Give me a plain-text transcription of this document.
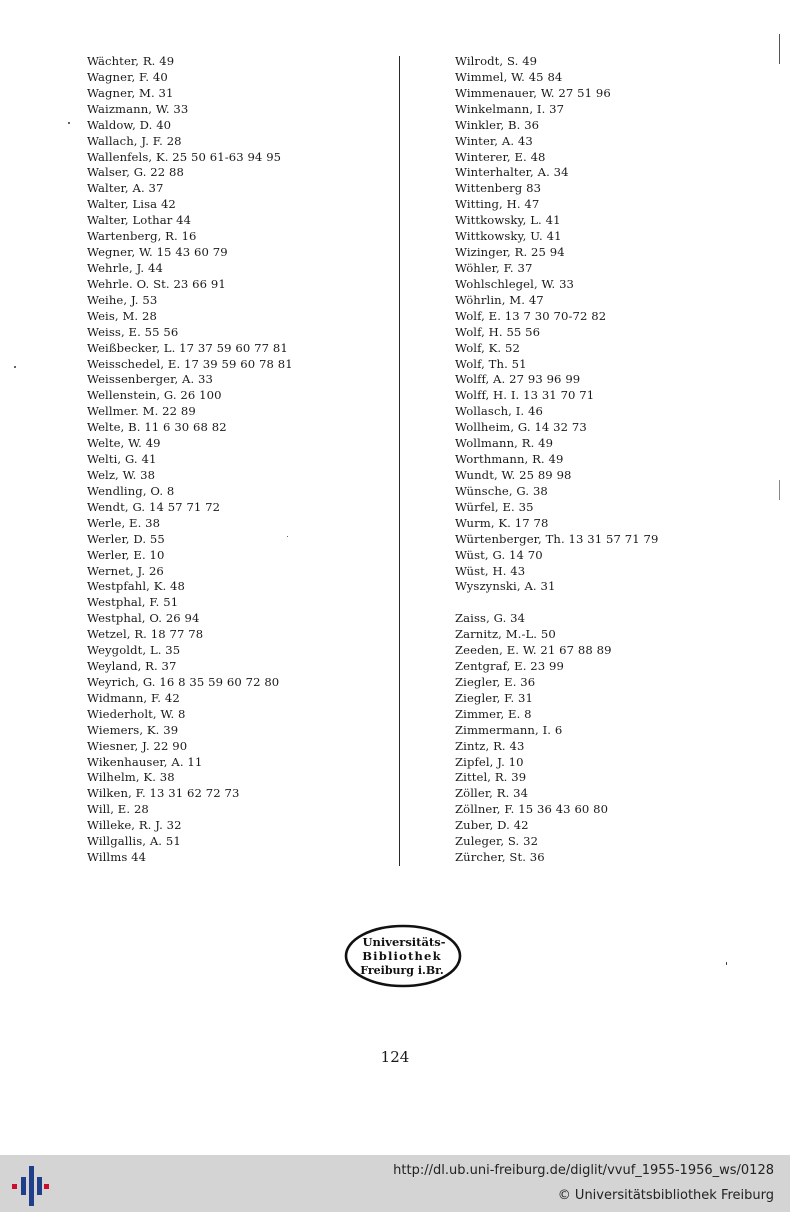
Wächter, R. 49
Wagner, F. 40
Wagner, M. 31
Waizmann, W. 33
Waldow, D. 40
Wallach, J. F. 28
Wallenfels, K. 25 50 61-63 94 95
Walser, G. 22 88
Walter, A. 37
Walter, Lisa 42
Walter, Lothar 44
Wartenberg, R. 16
Wegner, W. 15 43 60 79
Wehrle, J. 44
Wehrle. O. St. 23 66 91
Weihe, J. 53
Weis, M. 28
Weiss, E. 55 56
Weißbecker, L. 17 37 59 60 77 81
Weisschedel, E. 17 39 59 60 78 81
Weissenberger, A. 33
Wellenstein, G. 26 100
Wellmer. M. 22 89
Welte, B. 11 6 30 68 82
Welte, W. 49
Welti, G. 41
Welz, W. 38
Wendling, O. 8
Wendt, G. 14 57 71 72
Werle, E. 38
Werler, D. 55
Werler, E. 10
Wernet, J. 26
Westpfahl, K. 48
Westphal, F. 51
Westphal, O. 26 94
Wetzel, R. 18 77 78
Weygoldt, L. 35
Weyland, R. 37
Weyrich, G. 16 8 35 59 60 72 80
Widmann, F. 42
Wiederholt, W. 8
Wiemers, K. 39
Wiesner, J. 22 90
Wikenhauser, A. 11
Wilhelm, K. 38
Wilken, F. 13 31 62 72 73
Will, E. 28
Willeke, R. J. 32
Willgallis, A. 51
Willms 44
Wilrodt, S. 49
Wimmel, W. 45 84
Wimmenauer, W. 27 51 96
Winkelmann, I. 37
Winkler, B. 36
Winter, A. 43
Winterer, E. 48
Winterhalter, A. 34
Wittenberg 83
Witting, H. 47
Wittkowsky, L. 41
Wittkowsky, U. 41
Wizinger, R. 25 94
Wöhler, F. 37
Wohlschlegel, W. 33
Wöhrlin, M. 47
Wolf, E. 13 7 30 70-72 82
Wolf, H. 55 56
Wolf, K. 52
Wolf, Th. 51
Wolff, A. 27 93 96 99
Wolff, H. I. 13 31 70 71
Wollasch, I. 46
Wollheim, G. 14 32 73
Wollmann, R. 49
Worthmann, R. 49
Wundt, W. 25 89 98
Wünsche, G. 38
Würfel, E. 35
Wurm, K. 17 78
Würtenberger, Th. 13 31 57 71 79
Wüst, G. 14 70
Wüst, H. 43
Wyszynski, A. 31
Zaiss, G. 34
Zarnitz, M.-L. 50
Zeeden, E. W. 21 67 88 89
Zentgraf, E. 23 99
Ziegler, E. 36
Ziegler, F. 31
Zimmer, E. 8
Zimmermann, I. 6
Zintz, R. 43
Zipfel, J. 10
Zittel, R. 39
Zöller, R. 34
Zöllner, F. 15 36 43 60 80
Zuber, D. 42
Zuleger, S. 32
Zürcher, St. 36
Universitäts-
Bibliothek
Freiburg i.Br.
124
http://dl.ub.uni-freiburg.de/diglit/vvuf_1955-1956_ws/0128
© Universitätsbibliothek Freiburg
